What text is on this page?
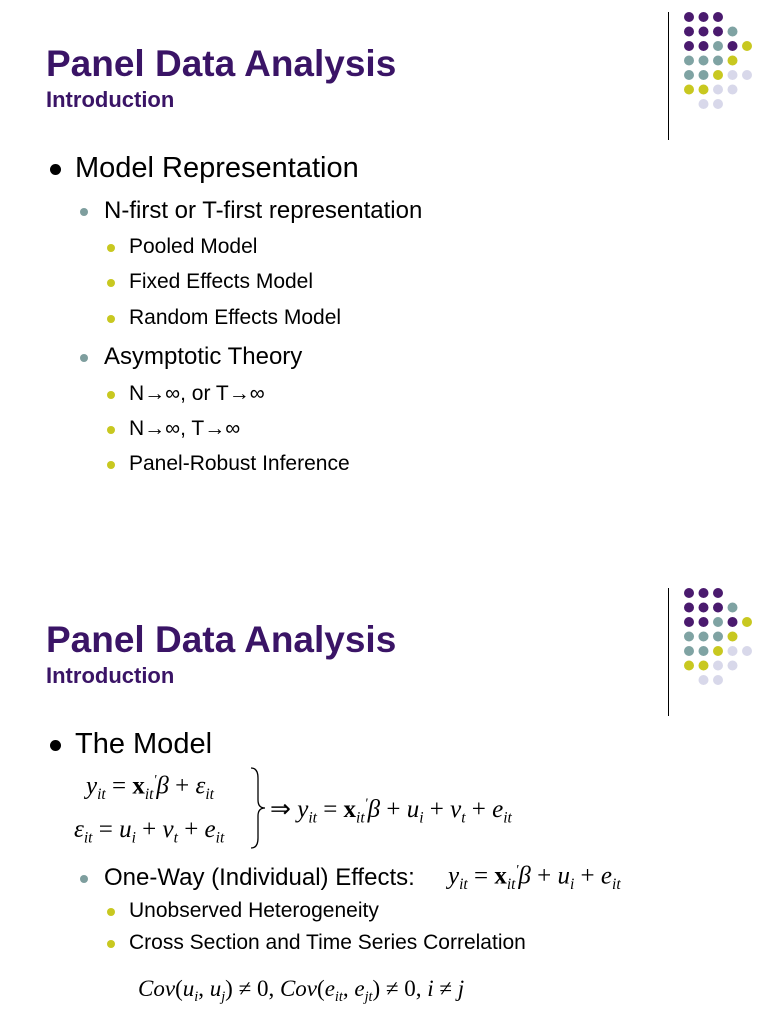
Panel Data Analysis
Introduction
Model Representation
N-first or T-first representation
Pooled Model
Fixed Effects Model
Random Effects Model
Asymptotic Theory
N→∞, or T→∞
N→∞, T→∞
Panel-Robust Inference
Panel Data Analysis
Introduction
The Model
$y_{it} = x_{it}'\beta + \varepsilon_{it}$
$\varepsilon_{it} = u_i + v_t + e_{it}$
⇒ $y_{it} = x_{it}'\beta + u_i + v_t + e_{it}$
One-Way (Individual) Effects: $y_{it} = x_{it}'\beta + u_i + e_{it}$
Unobserved Heterogeneity
Cross Section and Time Series Correlation
$Cov(u_i$, $u_j) \ne 0$, $Cov(e_{it}$, $e_{jt}) \ne 0$, i ≠ j
